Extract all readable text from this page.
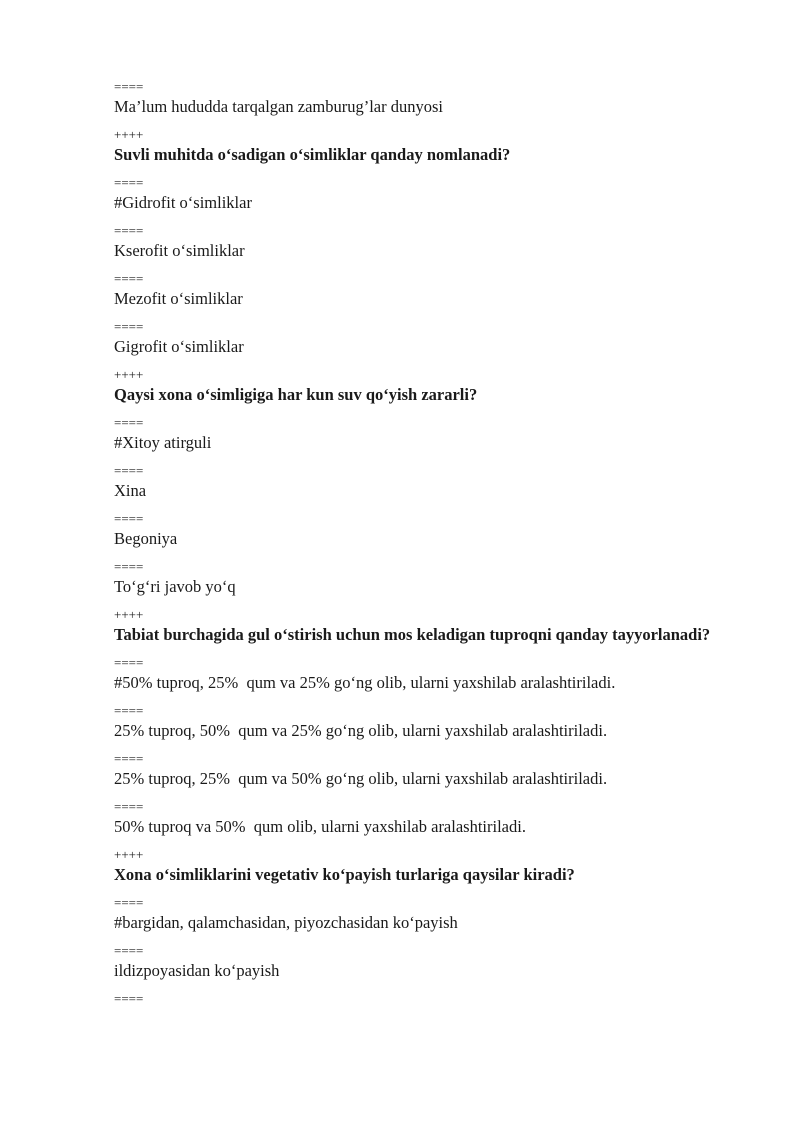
====
Ma’lum hududda tarqalgan zamburug’lar dunyosi
++++
Suvli muhitda o‘sadigan o‘simliklar qanday nomlanadi?
====
#Gidrofit o‘simliklar
====
Kserofit o‘simliklar
====
Mezofit o‘simliklar
====
Gigrofit o‘simliklar
++++
Qaysi xona o‘simligiga har kun suv qo‘yish zararli?
====
#Xitoy atirguli
====
Xina
====
Begoniya
====
To‘g‘ri javob yo‘q
++++
Tabiat burchagida gul o‘stirish uchun mos keladigan tuproqni qanday tayyorlanadi?
====
#50% tuproq, 25%  qum va 25% go‘ng olib, ularni yaxshilab aralashtiriladi.
====
25% tuproq, 50%  qum va 25% go‘ng olib, ularni yaxshilab aralashtiriladi.
====
25% tuproq, 25%  qum va 50% go‘ng olib, ularni yaxshilab aralashtiriladi.
====
50% tuproq va 50%  qum olib, ularni yaxshilab aralashtiriladi.
++++
Xona o‘simliklarini vegetativ ko‘payish turlariga qaysilar kiradi?
====
#bargidan, qalamchasidan, piyozchasidan ko‘payish
====
ildizpoyasidan ko‘payish
====
